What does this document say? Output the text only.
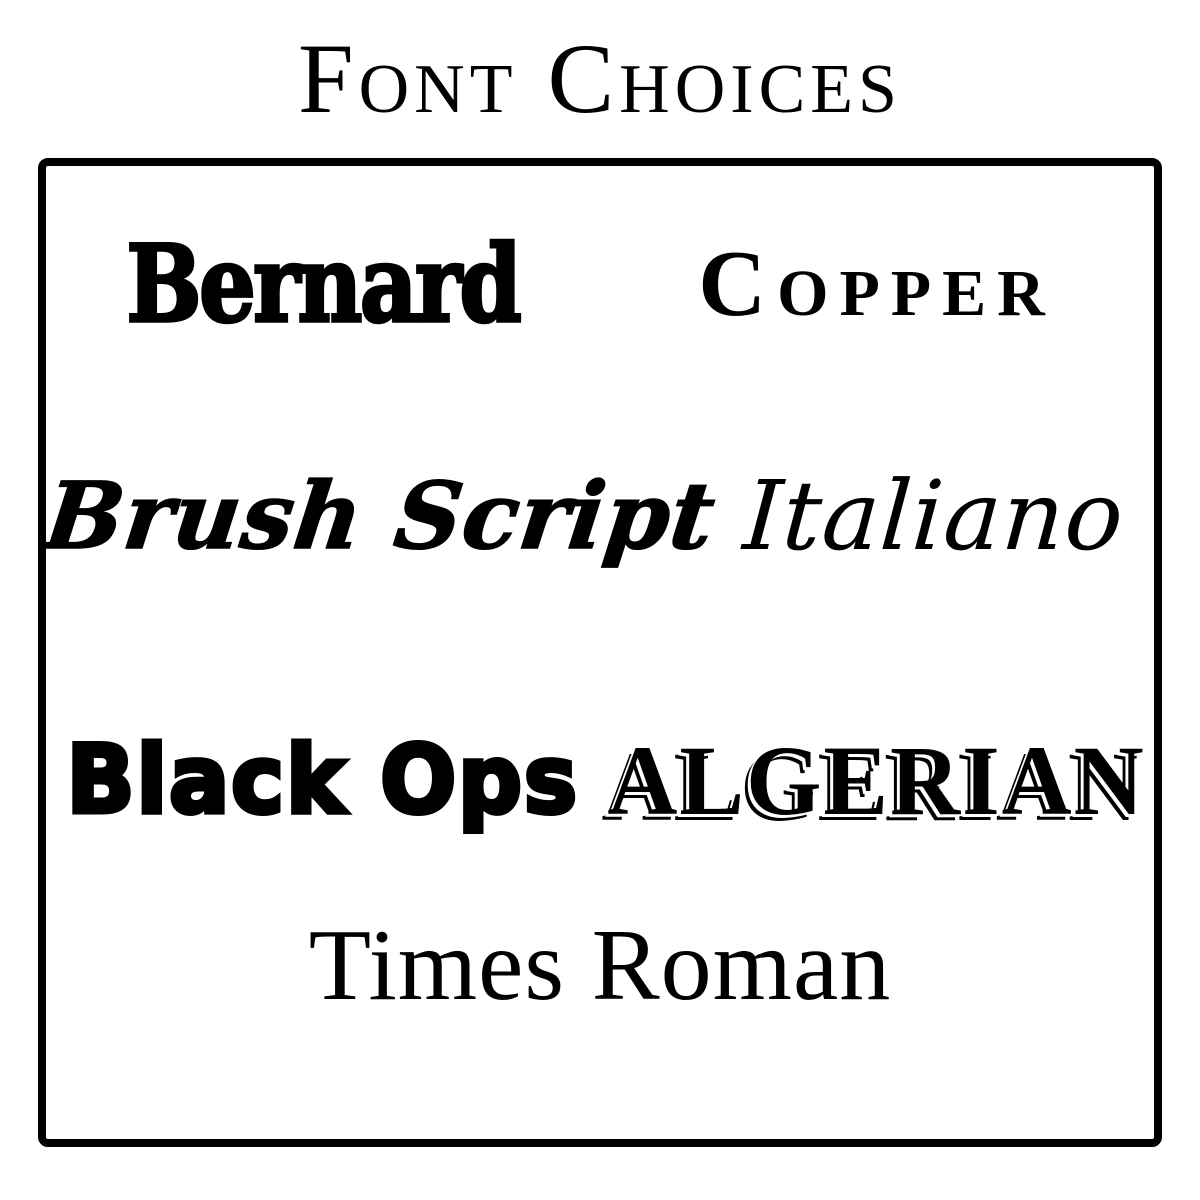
Font Choices
Bernard Copper
Brush Script Italiano
Black Ops ALGERIAN
Times Roman
